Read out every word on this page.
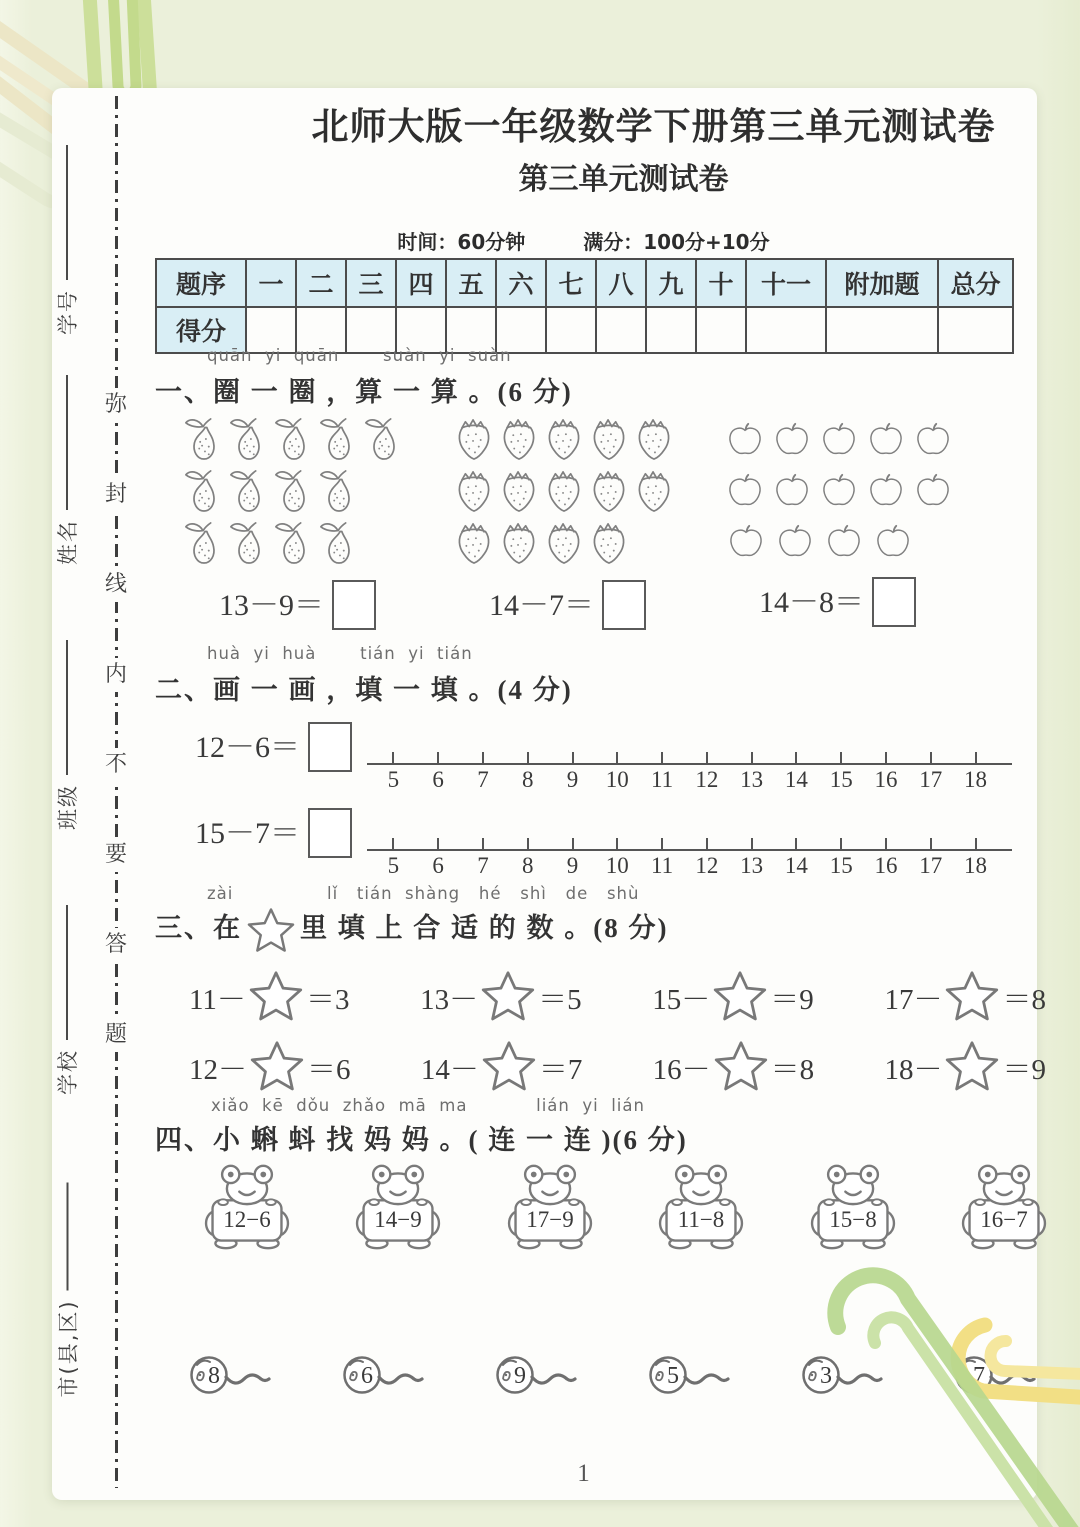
学号
姓名
班级
学校
市(县,区)
弥
封
线
内
不
要
答
题
北师大版一年级数学下册第三单元测试卷
第三单元测试卷
时间：60分钟	满分：100分+10分
题序	一	二	三	四	五	六	七	八	九	十	十一	附加题	总分
得分													
quān  yi  quān       suàn  yi  suàn
一、圈 一 圈 ，算 一 算 。(6 分)
13－9＝	14－7＝	14－8＝
huà  yi  huà       tián  yi  tián
二、画 一 画 ，填 一 填 。(4 分)
12－6＝
5	6	7	8	9	10 11 12 13 14 15 16 17 18
15－7＝
5	6	7	8	9	10 11 12 13 14 15 16 17 18
zài               lǐ   tián  shàng   hé   shì   de   shù
三、在 里 填 上 合 适 的 数 。(8 分)
11－ ＝3 13－ ＝5 15－ ＝9 17－ ＝8
12－ ＝6 14－ ＝7 16－ ＝8 18－ ＝9
xiǎo  kē  dǒu  zhǎo  mā  ma           lián  yi  lián
四、小 蝌 蚪 找 妈 妈 。( 连 一 连 )(6 分)
12−6	14−9	17−9	11−8	15−8	16−7
8	6	9	5	3	7
1
